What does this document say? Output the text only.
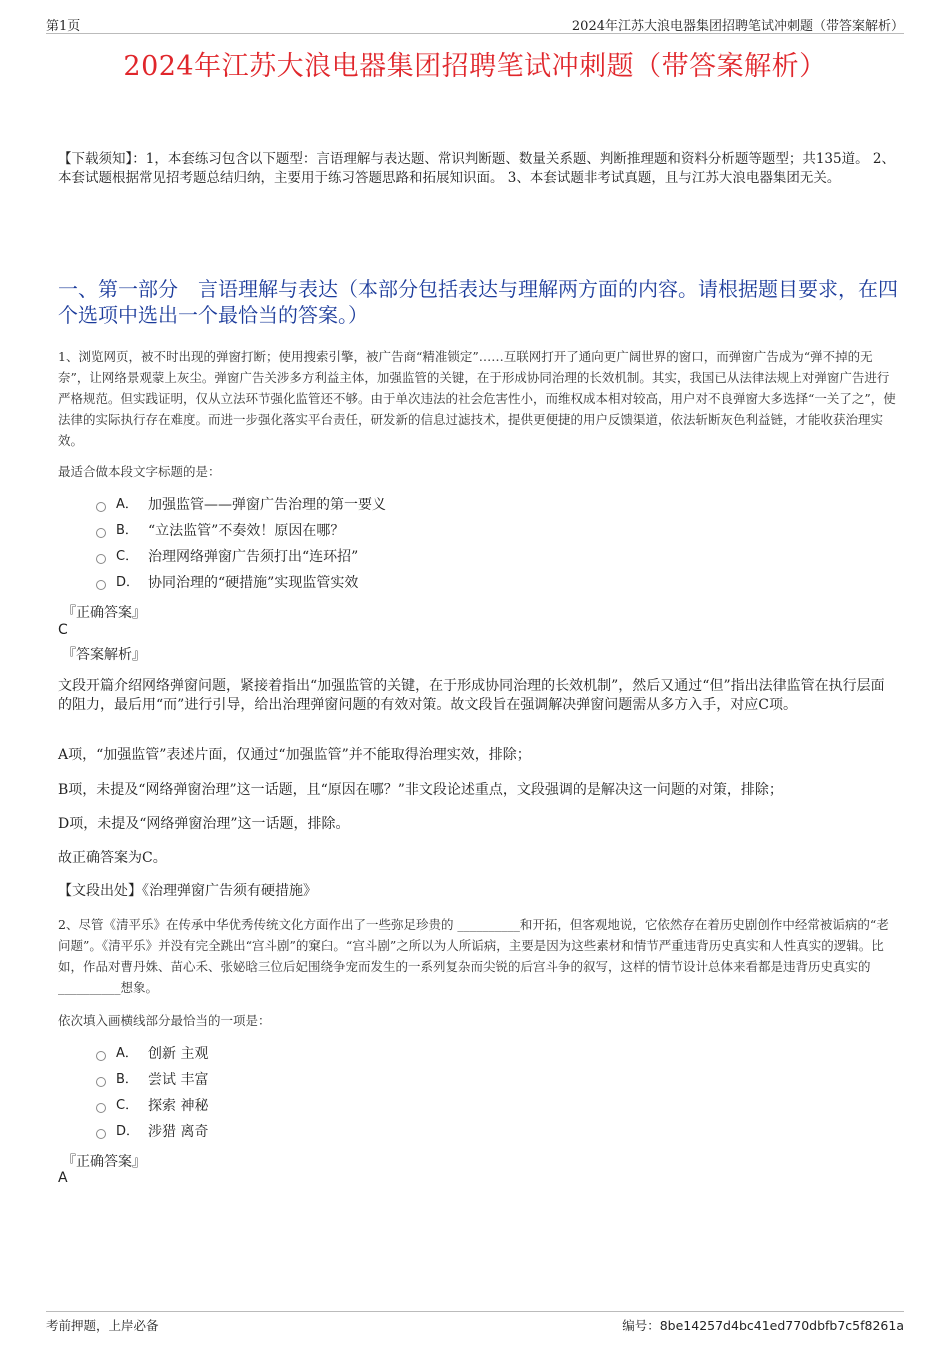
第1页	2024年江苏大浪电器集团招聘笔试冲刺题（带答案解析）
2024年江苏大浪电器集团招聘笔试冲刺题（带答案解析）
【下载须知】：1，本套练习包含以下题型：言语理解与表达题、常识判断题、数量关系题、判断推理题和资料分析题等题型；共135道。 2、本套试题根据常见招考题总结归纳，主要用于练习答题思路和拓展知识面。 3、本套试题非考试真题，且与江苏大浪电器集团无关。
一、第一部分　言语理解与表达（本部分包括表达与理解两方面的内容。请根据题目要求，在四个选项中选出一个最恰当的答案。）
1、浏览网页，被不时出现的弹窗打断；使用搜索引擎，被广告商“精准锁定”……互联网打开了通向更广阔世界的窗口，而弹窗广告成为“弹不掉的无奈”，让网络景观蒙上灰尘。弹窗广告关涉多方利益主体，加强监管的关键，在于形成协同治理的长效机制。其实，我国已从法律法规上对弹窗广告进行严格规范。但实践证明，仅从立法环节强化监管还不够。由于单次违法的社会危害性小，而维权成本相对较高，用户对不良弹窗大多选择“一关了之”，使法律的实际执行存在难度。而进一步强化落实平台责任，研发新的信息过滤技术，提供更便捷的用户反馈渠道，依法斩断灰色利益链，才能收获治理实效。
最适合做本段文字标题的是：
A． 加强监管——弹窗广告治理的第一要义
B． “立法监管”不奏效！原因在哪？
C． 治理网络弹窗广告须打出“连环招”
D． 协同治理的“硬措施”实现监管实效
『正确答案』
C
『答案解析』
文段开篇介绍网络弹窗问题，紧接着指出“加强监管的关键，在于形成协同治理的长效机制”，然后又通过“但”指出法律监管在执行层面的阻力，最后用“而”进行引导，给出治理弹窗问题的有效对策。故文段旨在强调解决弹窗问题需从多方入手，对应C项。
A项，“加强监管”表述片面，仅通过“加强监管”并不能取得治理实效，排除；
B项，未提及“网络弹窗治理”这一话题，且“原因在哪？”非文段论述重点，文段强调的是解决这一问题的对策，排除；
D项，未提及“网络弹窗治理”这一话题，排除。
故正确答案为C。
【文段出处】《治理弹窗广告须有硬措施》
2、尽管《清平乐》在传承中华优秀传统文化方面作出了一些弥足珍贵的 __________和开拓，但客观地说，它依然存在着历史剧创作中经常被诟病的“老问题”。《清平乐》并没有完全跳出“宫斗剧”的窠臼。“宫斗剧”之所以为人所诟病，主要是因为这些素材和情节严重违背历史真实和人性真实的逻辑。比如，作品对曹丹姝、苗心禾、张妼晗三位后妃围绕争宠而发生的一系列复杂而尖锐的后宫斗争的叙写，这样的情节设计总体来看都是违背历史真实的 __________想象。
依次填入画横线部分最恰当的一项是：
A． 创新 主观
B． 尝试 丰富
C． 探索 神秘
D． 涉猎 离奇
『正确答案』
A
考前押题，上岸必备	编号：8be14257d4bc41ed770dbfb7c5f8261a
